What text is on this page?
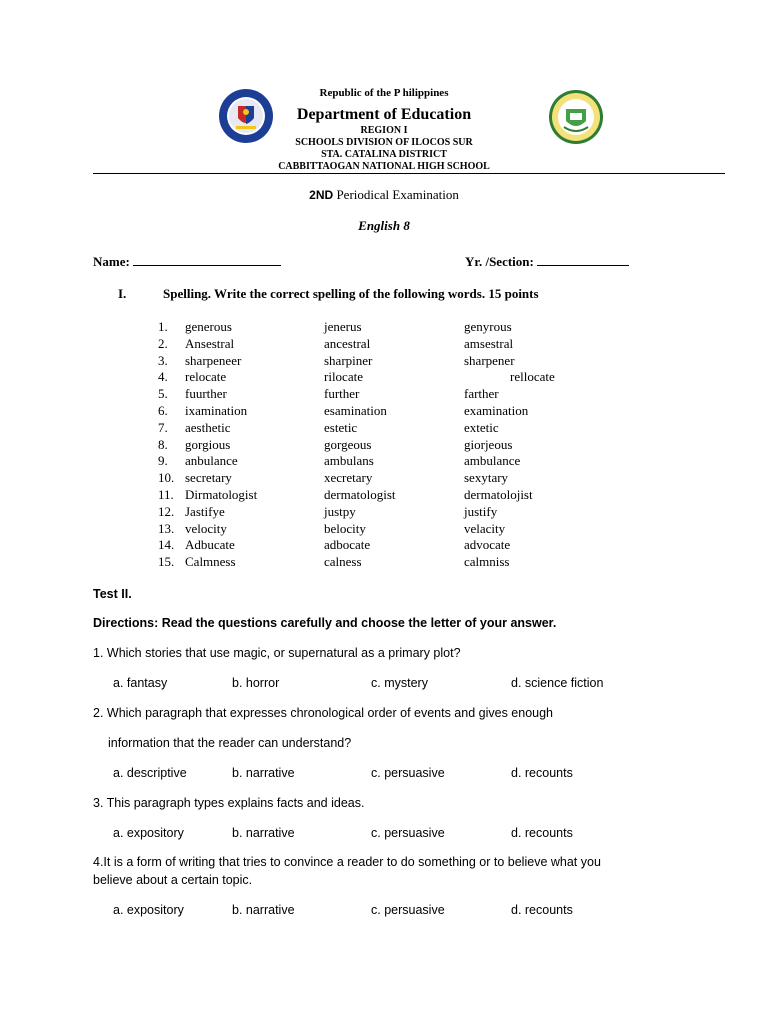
Republic of the P hilippines
Department of Education
REGION I
SCHOOLS DIVISION OF ILOCOS SUR
STA. CATALINA DISTRICT
CABBITTAOGAN NATIONAL HIGH SCHOOL
2ND Periodical Examination
English 8
Name:	Yr. /Section:
I.	Spelling. Write the correct spelling of the following words. 15 points
1. generous	jenerus	genyrous
2. Ansestral	ancestral	amsestral
3. sharpeneer	sharpiner	sharpener
4. relocate	rilocate	rellocate
5. fuurther	further	farther
6. ixamination	esamination	examination
7. aesthetic	estetic	extetic
8. gorgious	gorgeous	giorjeous
9. anbulance	ambulans	ambulance
10. secretary	xecretary	sexytary
11. Dirmatologist	dermatologist	dermatolojist
12. Jastifye	justpy	justify
13. velocity	belocity	velacity
14. Adbucate	adbocate	advocate
15. Calmness	calness	calmniss
Test II.
Directions: Read the questions carefully and choose the letter of your answer.
1. Which stories that use magic, or supernatural as a primary plot?
a. fantasy	b. horror	c. mystery	d. science fiction
2. Which paragraph that expresses chronological order of events and gives enough
information that the reader can understand?
a. descriptive	b. narrative	c. persuasive	d. recounts
3. This paragraph types explains facts and ideas.
a. expository	b. narrative	c. persuasive	d. recounts
4.It is a form of writing that tries to convince a reader to do something or to believe what you
believe about a certain topic.
a. expository	b. narrative	c. persuasive	d. recounts
